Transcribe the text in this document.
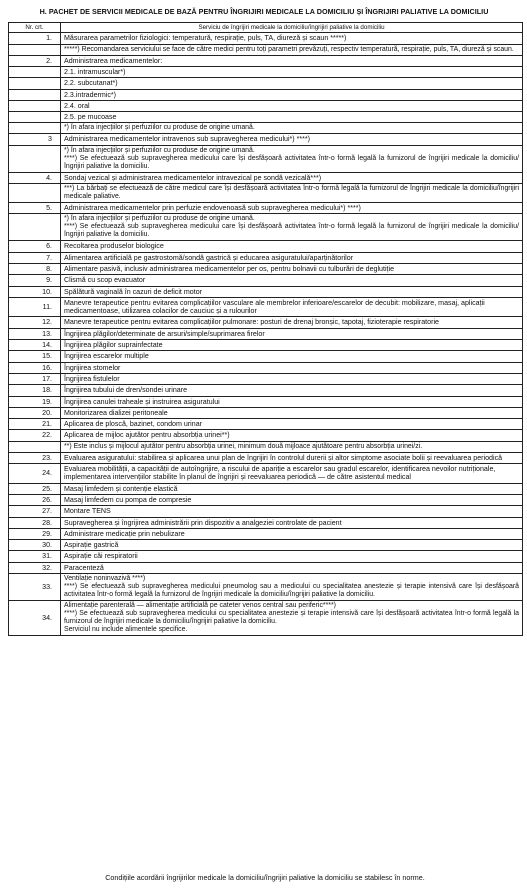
H. PACHET DE SERVICII MEDICALE DE BAZĂ PENTRU ÎNGRIJIRI MEDICALE LA DOMICILIU ȘI ÎNGRIJIRI PALIATIVE LA DOMICILIU
Nr. crt.	Serviciu de îngrijiri medicale la domiciliu/îngrijiri paliative la domiciliu
1.	Măsurarea parametrilor fiziologici: temperatură, respirație, puls, TA, diureză și scaun *****)
	*****) Recomandarea serviciului se face de către medici pentru toți parametri prevăzuți, respectiv temperatură, respirație, puls, TA, diureză și scaun.
2.	Administrarea medicamentelor:
	2.1. intramuscular*)
	2.2. subcutanat*)
	2.3.intradermic*)
	2.4. oral
	2.5. pe mucoase
	*) În afara injecțiilor și perfuziilor cu produse de origine umană.
3	Administrarea medicamentelor intravenos sub supravegherea medicului*) ****)
	*) În afara injecțiilor și perfuziilor cu produse de origine umană.
****) Se efectuează sub supravegherea medicului care își desfășoară activitatea într-o formă legală la furnizorul de îngrijiri medicale la domiciliu/îngrijiri paliative la domiciliu.
4.	Sondaj vezical și administrarea medicamentelor intravezical pe sondă vezicală***)
	***) La bărbați se efectuează de către medicul care își desfășoară activitatea într-o formă legală la furnizorul de îngrijiri medicale la domiciliu/îngrijiri medicale paliative.
5.	Administrarea medicamentelor prin perfuzie endovenoasă sub supravegherea medicului*) ****)
	*) În afara injecțiilor și perfuziilor cu produse de origine umană.
****) Se efectuează sub supravegherea medicului care își desfășoară activitatea într-o formă legală la furnizorul de îngrijiri medicale la domiciliu/îngrijiri paliative la domiciliu.
6.	Recoltarea produselor biologice
7.	Alimentarea artificială pe gastrostomă/sondă gastrică și educarea asiguratului/aparținătorilor
8.	Alimentare pasivă, inclusiv administrarea medicamentelor per os, pentru bolnavii cu tulburări de deglutiție
9.	Clismă cu scop evacuator
10.	Spălătură vaginală în cazuri de deficit motor
11.	Manevre terapeutice pentru evitarea complicațiilor vasculare ale membrelor inferioare/escarelor de decubit: mobilizare, masaj, aplicații medicamentoase, utilizarea colacilor de cauciuc și a rulourilor
12.	Manevre terapeutice pentru evitarea complicațiilor pulmonare: posturi de drenaj bronșic, tapotaj, fizioterapie respiratorie
13.	Îngrijirea plăgilor/determinate de arsuri/simple/suprimarea firelor
14.	Îngrijirea plăgilor suprainfectate
15.	Îngrijirea escarelor multiple
16.	Îngrijirea stomelor
17.	Îngrijirea fistulelor
18.	Îngrijirea tubului de dren/sondei urinare
19.	Îngrijirea canulei traheale și instruirea asiguratului
20.	Monitorizarea dializei peritoneale
21.	Aplicarea de ploscă, bazinet, condom urinar
22.	Aplicarea de mijloc ajutător pentru absorbția urinei**)
	**) Este inclus și mijlocul ajutător pentru absorbția urinei, minimum două mijloace ajutătoare pentru absorbția urinei/zi.
23.	Evaluarea asiguratului: stabilirea și aplicarea unui plan de îngrijiri în controlul durerii și altor simptome asociate bolii și reevaluarea periodică
24.	Evaluarea mobilității, a capacității de autoîngrijire, a riscului de apariție a escarelor sau gradul escarelor, identificarea nevoilor nutriționale, implementarea intervențiilor stabilite în planul de îngrijiri și reevaluarea periodică — de către asistentul medical
25.	Masaj limfedem și contenție elastică
26.	Masaj limfedem cu pompa de compresie
27.	Montare TENS
28.	Supravegherea și îngrijirea administrării prin dispozitiv a analgeziei controlate de pacient
29.	Administrare medicație prin nebulizare
30.	Aspirație gastrică
31.	Aspirație căi respiratorii
32.	Paracenteză
33.	Ventilație noninvazivă ****)
****) Se efectuează sub supravegherea medicului pneumolog sau a medicului cu specialitatea anestezie și terapie intensivă care își desfășoară activitatea într-o formă legală la furnizorul de îngrijiri medicale la domiciliu/îngrijiri paliative la domiciliu.
34.	Alimentație parenterală — alimentație artificială pe cateter venos central sau periferic****)
****) Se efectuează sub supravegherea medicului cu specialitatea anestezie și terapie intensivă care își desfășoară activitatea într-o formă legală la furnizorul de îngrijiri medicale la domiciliu/îngrijiri paliative la domiciliu.
Serviciul nu include alimentele specifice.
Condițiile acordării îngrijirilor medicale la domiciliu/îngrijiri paliative la domiciliu se stabilesc în norme.
